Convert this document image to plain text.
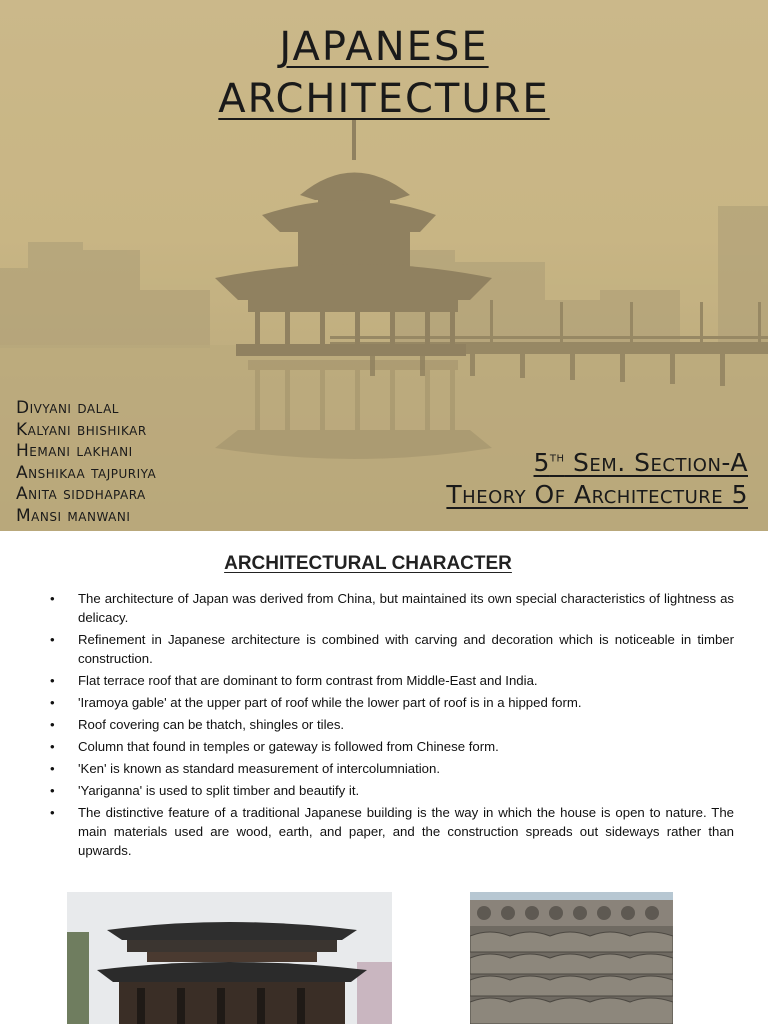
JAPANESE
ARCHITECTURE
Divyani dalal
Kalyani bhishikar
Hemani lakhani
Anshikaa tajpuriya
Anita siddhapara
Mansi manwani
5th Sem. Section-A
Theory Of Architecture 5
ARCHITECTURAL CHARACTER
• The architecture of Japan was derived from China, but maintained its own special characteristics of lightness as delicacy.
• Refinement in Japanese architecture is combined with carving and decoration which is noticeable in timber construction.
• Flat terrace roof that are dominant to form contrast from Middle-East and India.
• 'Iramoya gable' at the upper part of roof while the lower part of roof is in a hipped form.
• Roof covering can be thatch, shingles or tiles.
• Column that found in temples or gateway is followed from Chinese form.
• 'Ken' is known as standard measurement of intercolumniation.
• 'Yariganna' is used to split timber and beautify it.
• The distinctive feature of a traditional Japanese building is the way in which the house is open to nature. The main materials used are wood, earth, and paper, and the construction spreads out sideways rather than upwards.
